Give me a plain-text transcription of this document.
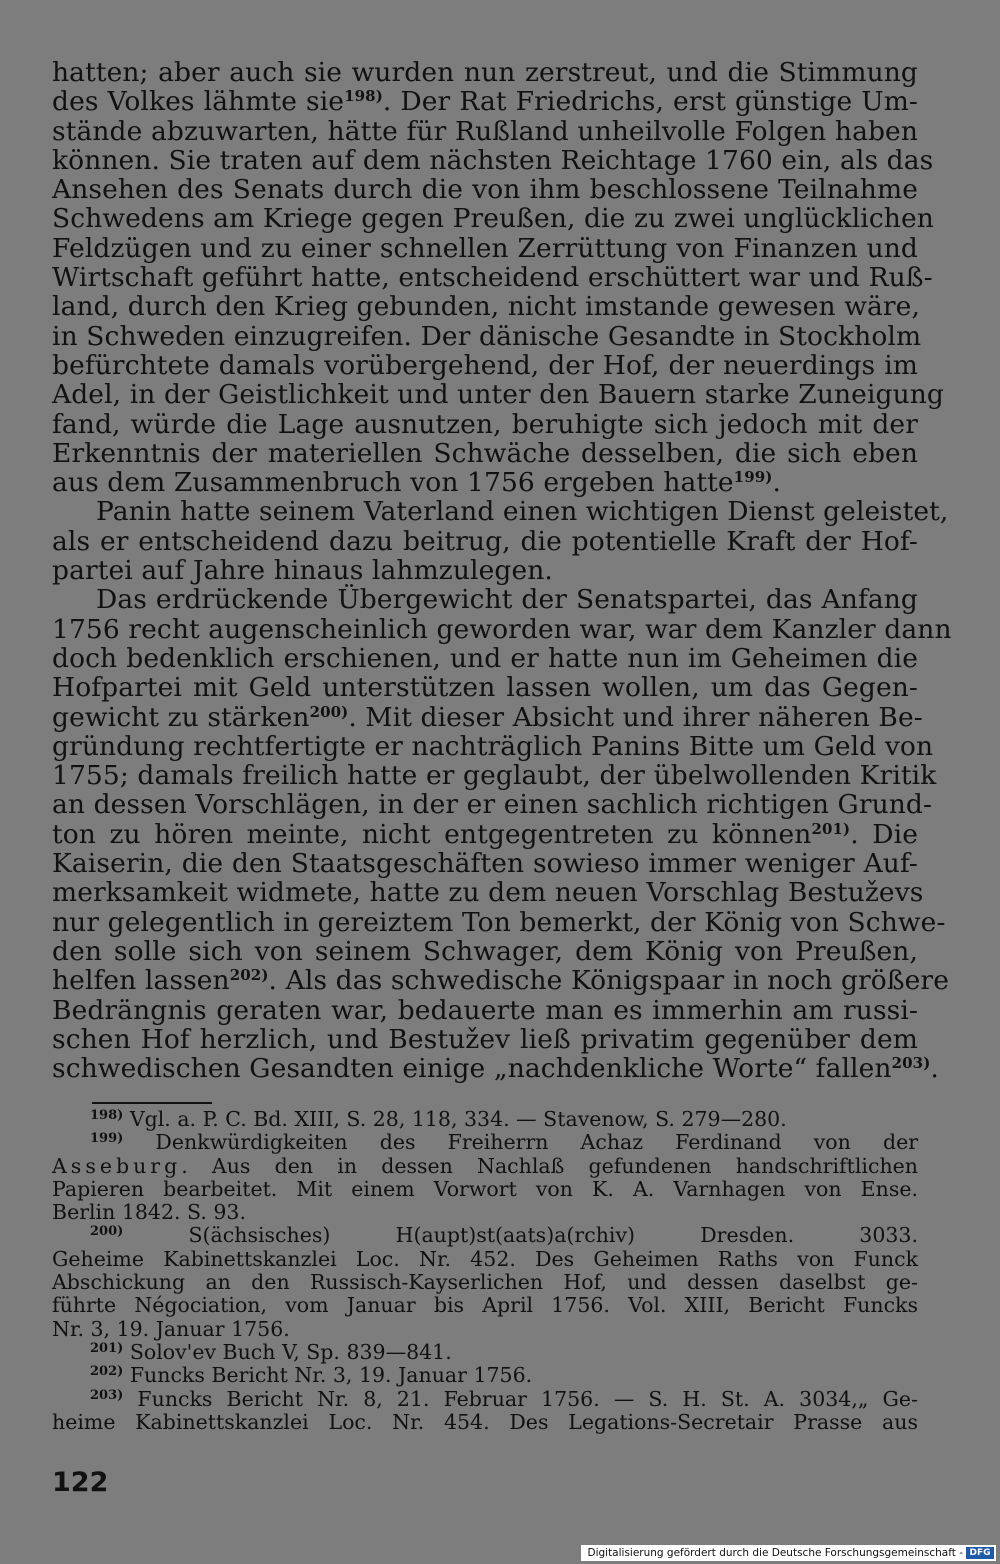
hatten; aber auch sie wurden nun zerstreut, und die Stimmung
des Volkes lähmte sie$^{198)}$. Der Rat Friedrichs, erst günstige Um-
stände abzuwarten, hätte für Rußland unheilvolle Folgen haben
können. Sie traten auf dem nächsten Reichtage 1760 ein, als das
Ansehen des Senats durch die von ihm beschlossene Teilnahme
Schwedens am Kriege gegen Preußen, die zu zwei unglücklichen
Feldzügen und zu einer schnellen Zerrüttung von Finanzen und
Wirtschaft geführt hatte, entscheidend erschüttert war und Ruß-
land, durch den Krieg gebunden, nicht imstande gewesen wäre,
in Schweden einzugreifen. Der dänische Gesandte in Stockholm
befürchtete damals vorübergehend, der Hof, der neuerdings im
Adel, in der Geistlichkeit und unter den Bauern starke Zuneigung
fand, würde die Lage ausnutzen, beruhigte sich jedoch mit der
Erkenntnis der materiellen Schwäche desselben, die sich eben
aus dem Zusammenbruch von 1756 ergeben hatte$^{199)}$.
Panin hatte seinem Vaterland einen wichtigen Dienst geleistet,
als er entscheidend dazu beitrug, die potentielle Kraft der Hof-
partei auf Jahre hinaus lahmzulegen.
Das erdrückende Übergewicht der Senatspartei, das Anfang
1756 recht augenscheinlich geworden war, war dem Kanzler dann
doch bedenklich erschienen, und er hatte nun im Geheimen die
Hofpartei mit Geld unterstützen lassen wollen, um das Gegen-
gewicht zu stärken$^{200)}$. Mit dieser Absicht und ihrer näheren Be-
gründung rechtfertigte er nachträglich Panins Bitte um Geld von
1755; damals freilich hatte er geglaubt, der übelwollenden Kritik
an dessen Vorschlägen, in der er einen sachlich richtigen Grund-
ton zu hören meinte, nicht entgegentreten zu können$^{201)}$. Die
Kaiserin, die den Staatsgeschäften sowieso immer weniger Auf-
merksamkeit widmete, hatte zu dem neuen Vorschlag Bestuževs
nur gelegentlich in gereiztem Ton bemerkt, der König von Schwe-
den solle sich von seinem Schwager, dem König von Preußen,
helfen lassen$^{202)}$. Als das schwedische Königspaar in noch größere
Bedrängnis geraten war, bedauerte man es immerhin am russi-
schen Hof herzlich, und Bestužev ließ privatim gegenüber dem
schwedischen Gesandten einige „nachdenkliche Worte“ fallen$^{203)}$.
$^{198)}$ Vgl. a. P. C. Bd. XIII, S. 28, 118, 334. — Stavenow, S. 279—280.
$^{199)}$ Denkwürdigkeiten des Freiherrn Achaz Ferdinand von der
Asseburg. Aus den in dessen Nachlaß gefundenen handschriftlichen
Papieren bearbeitet. Mit einem Vorwort von K. A. Varnhagen von Ense.
Berlin 1842. S. 93.
$^{200)}$ S(ächsisches) H(aupt)st(aats)a(rchiv) Dresden. 3033.
Geheime Kabinettskanzlei Loc. Nr. 452. Des Geheimen Raths von Funck
Abschickung an den Russisch-Kayserlichen Hof, und dessen daselbst ge-
führte Négociation, vom Januar bis April 1756. Vol. XIII, Bericht Funcks
Nr. 3, 19. Januar 1756.
$^{201)}$ Solov'ev Buch V, Sp. 839—841.
$^{202)}$ Funcks Bericht Nr. 3, 19. Januar 1756.
$^{203)}$ Funcks Bericht Nr. 8, 21. Februar 1756. — S. H. St. A. 3034,„ Ge-
heime Kabinettskanzlei Loc. Nr. 454. Des Legations-Secretair Prasse aus
122
Digitalisierung gefördert durch die Deutsche Forschungsgemeinschaft - DFG
